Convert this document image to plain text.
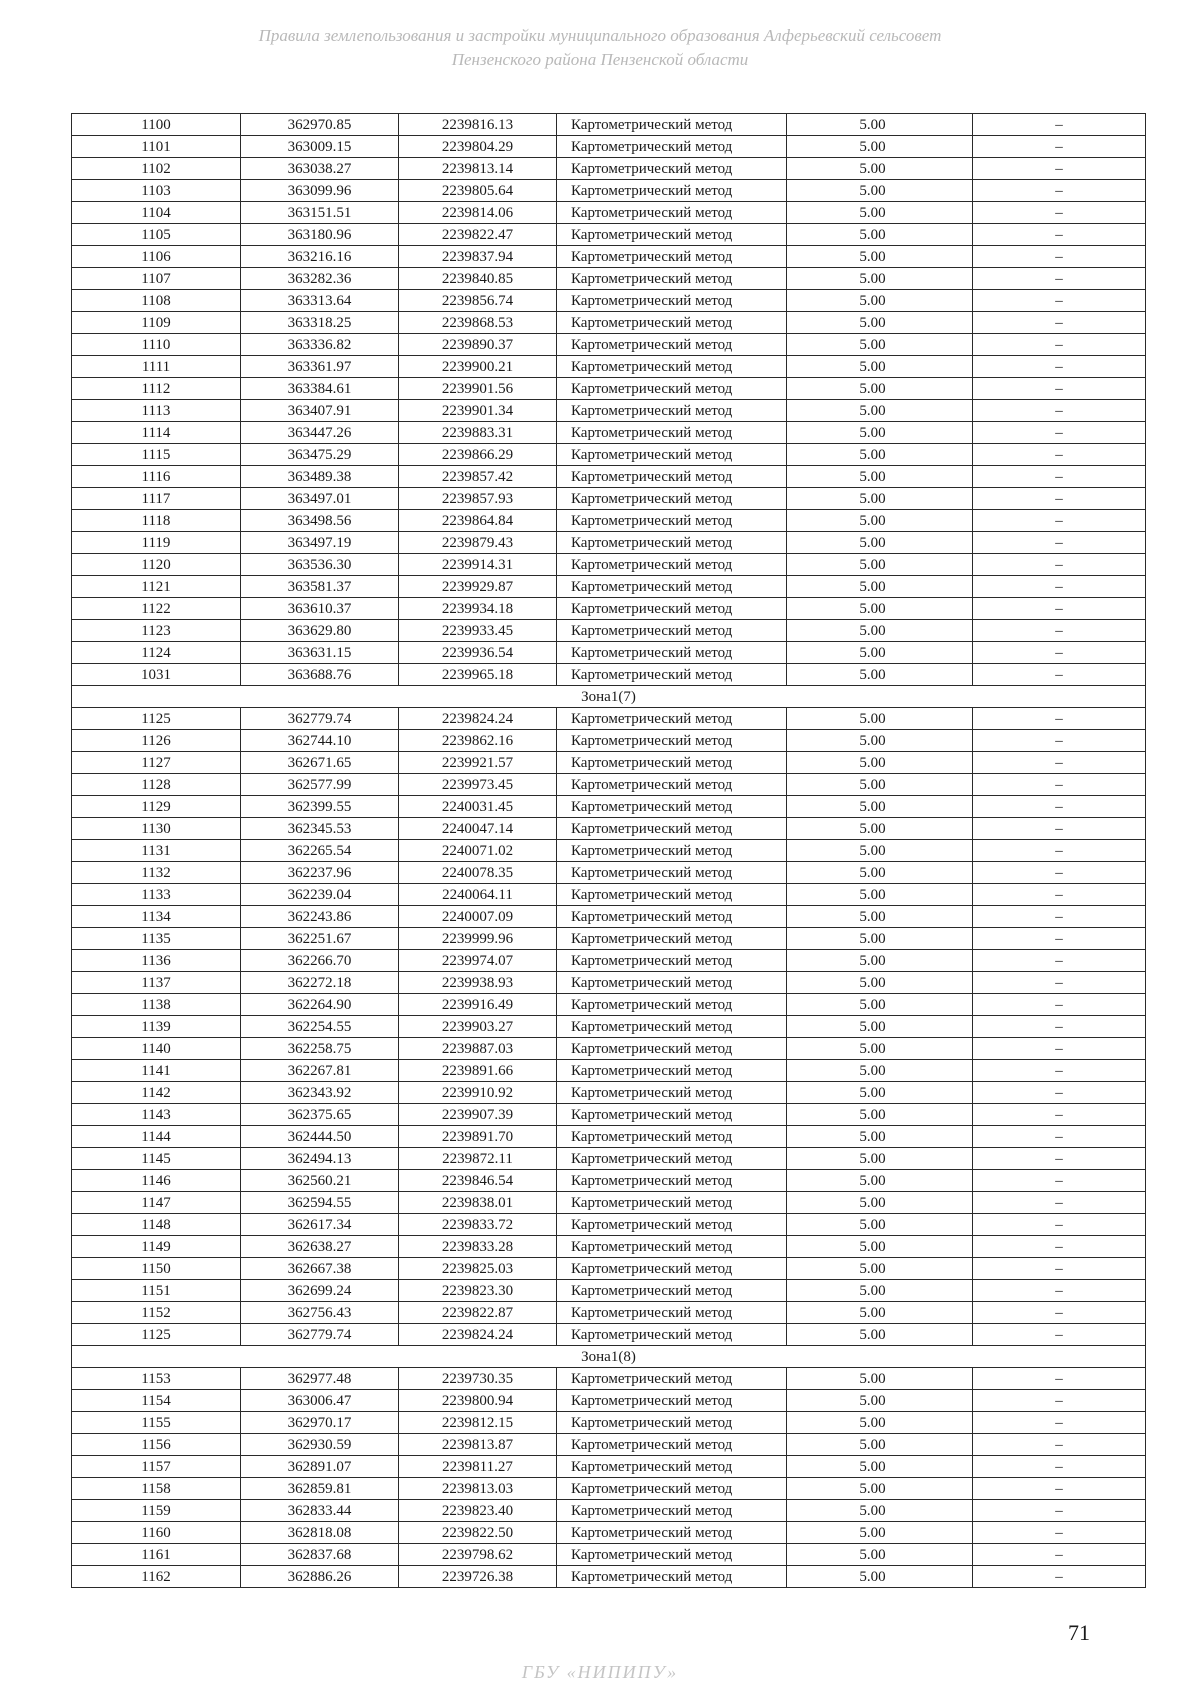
Правила землепользования и застройки муниципального образования Алферьевский сельсовет
Пензенского района Пензенской области
1100	362970.85	2239816.13	Картометрический метод	5.00	–
1101	363009.15	2239804.29	Картометрический метод	5.00	–
1102	363038.27	2239813.14	Картометрический метод	5.00	–
1103	363099.96	2239805.64	Картометрический метод	5.00	–
1104	363151.51	2239814.06	Картометрический метод	5.00	–
1105	363180.96	2239822.47	Картометрический метод	5.00	–
1106	363216.16	2239837.94	Картометрический метод	5.00	–
1107	363282.36	2239840.85	Картометрический метод	5.00	–
1108	363313.64	2239856.74	Картометрический метод	5.00	–
1109	363318.25	2239868.53	Картометрический метод	5.00	–
1110	363336.82	2239890.37	Картометрический метод	5.00	–
1111	363361.97	2239900.21	Картометрический метод	5.00	–
1112	363384.61	2239901.56	Картометрический метод	5.00	–
1113	363407.91	2239901.34	Картометрический метод	5.00	–
1114	363447.26	2239883.31	Картометрический метод	5.00	–
1115	363475.29	2239866.29	Картометрический метод	5.00	–
1116	363489.38	2239857.42	Картометрический метод	5.00	–
1117	363497.01	2239857.93	Картометрический метод	5.00	–
1118	363498.56	2239864.84	Картометрический метод	5.00	–
1119	363497.19	2239879.43	Картометрический метод	5.00	–
1120	363536.30	2239914.31	Картометрический метод	5.00	–
1121	363581.37	2239929.87	Картометрический метод	5.00	–
1122	363610.37	2239934.18	Картометрический метод	5.00	–
1123	363629.80	2239933.45	Картометрический метод	5.00	–
1124	363631.15	2239936.54	Картометрический метод	5.00	–
1031	363688.76	2239965.18	Картометрический метод	5.00	–
Зона1(7)					
1125	362779.74	2239824.24	Картометрический метод	5.00	–
1126	362744.10	2239862.16	Картометрический метод	5.00	–
1127	362671.65	2239921.57	Картометрический метод	5.00	–
1128	362577.99	2239973.45	Картометрический метод	5.00	–
1129	362399.55	2240031.45	Картометрический метод	5.00	–
1130	362345.53	2240047.14	Картометрический метод	5.00	–
1131	362265.54	2240071.02	Картометрический метод	5.00	–
1132	362237.96	2240078.35	Картометрический метод	5.00	–
1133	362239.04	2240064.11	Картометрический метод	5.00	–
1134	362243.86	2240007.09	Картометрический метод	5.00	–
1135	362251.67	2239999.96	Картометрический метод	5.00	–
1136	362266.70	2239974.07	Картометрический метод	5.00	–
1137	362272.18	2239938.93	Картометрический метод	5.00	–
1138	362264.90	2239916.49	Картометрический метод	5.00	–
1139	362254.55	2239903.27	Картометрический метод	5.00	–
1140	362258.75	2239887.03	Картометрический метод	5.00	–
1141	362267.81	2239891.66	Картометрический метод	5.00	–
1142	362343.92	2239910.92	Картометрический метод	5.00	–
1143	362375.65	2239907.39	Картометрический метод	5.00	–
1144	362444.50	2239891.70	Картометрический метод	5.00	–
1145	362494.13	2239872.11	Картометрический метод	5.00	–
1146	362560.21	2239846.54	Картометрический метод	5.00	–
1147	362594.55	2239838.01	Картометрический метод	5.00	–
1148	362617.34	2239833.72	Картометрический метод	5.00	–
1149	362638.27	2239833.28	Картометрический метод	5.00	–
1150	362667.38	2239825.03	Картометрический метод	5.00	–
1151	362699.24	2239823.30	Картометрический метод	5.00	–
1152	362756.43	2239822.87	Картометрический метод	5.00	–
1125	362779.74	2239824.24	Картометрический метод	5.00	–
Зона1(8)					
1153	362977.48	2239730.35	Картометрический метод	5.00	–
1154	363006.47	2239800.94	Картометрический метод	5.00	–
1155	362970.17	2239812.15	Картометрический метод	5.00	–
1156	362930.59	2239813.87	Картометрический метод	5.00	–
1157	362891.07	2239811.27	Картометрический метод	5.00	–
1158	362859.81	2239813.03	Картометрический метод	5.00	–
1159	362833.44	2239823.40	Картометрический метод	5.00	–
1160	362818.08	2239822.50	Картометрический метод	5.00	–
1161	362837.68	2239798.62	Картометрический метод	5.00	–
1162	362886.26	2239726.38	Картометрический метод	5.00	–
71
ГБУ «НИПИПУ»
